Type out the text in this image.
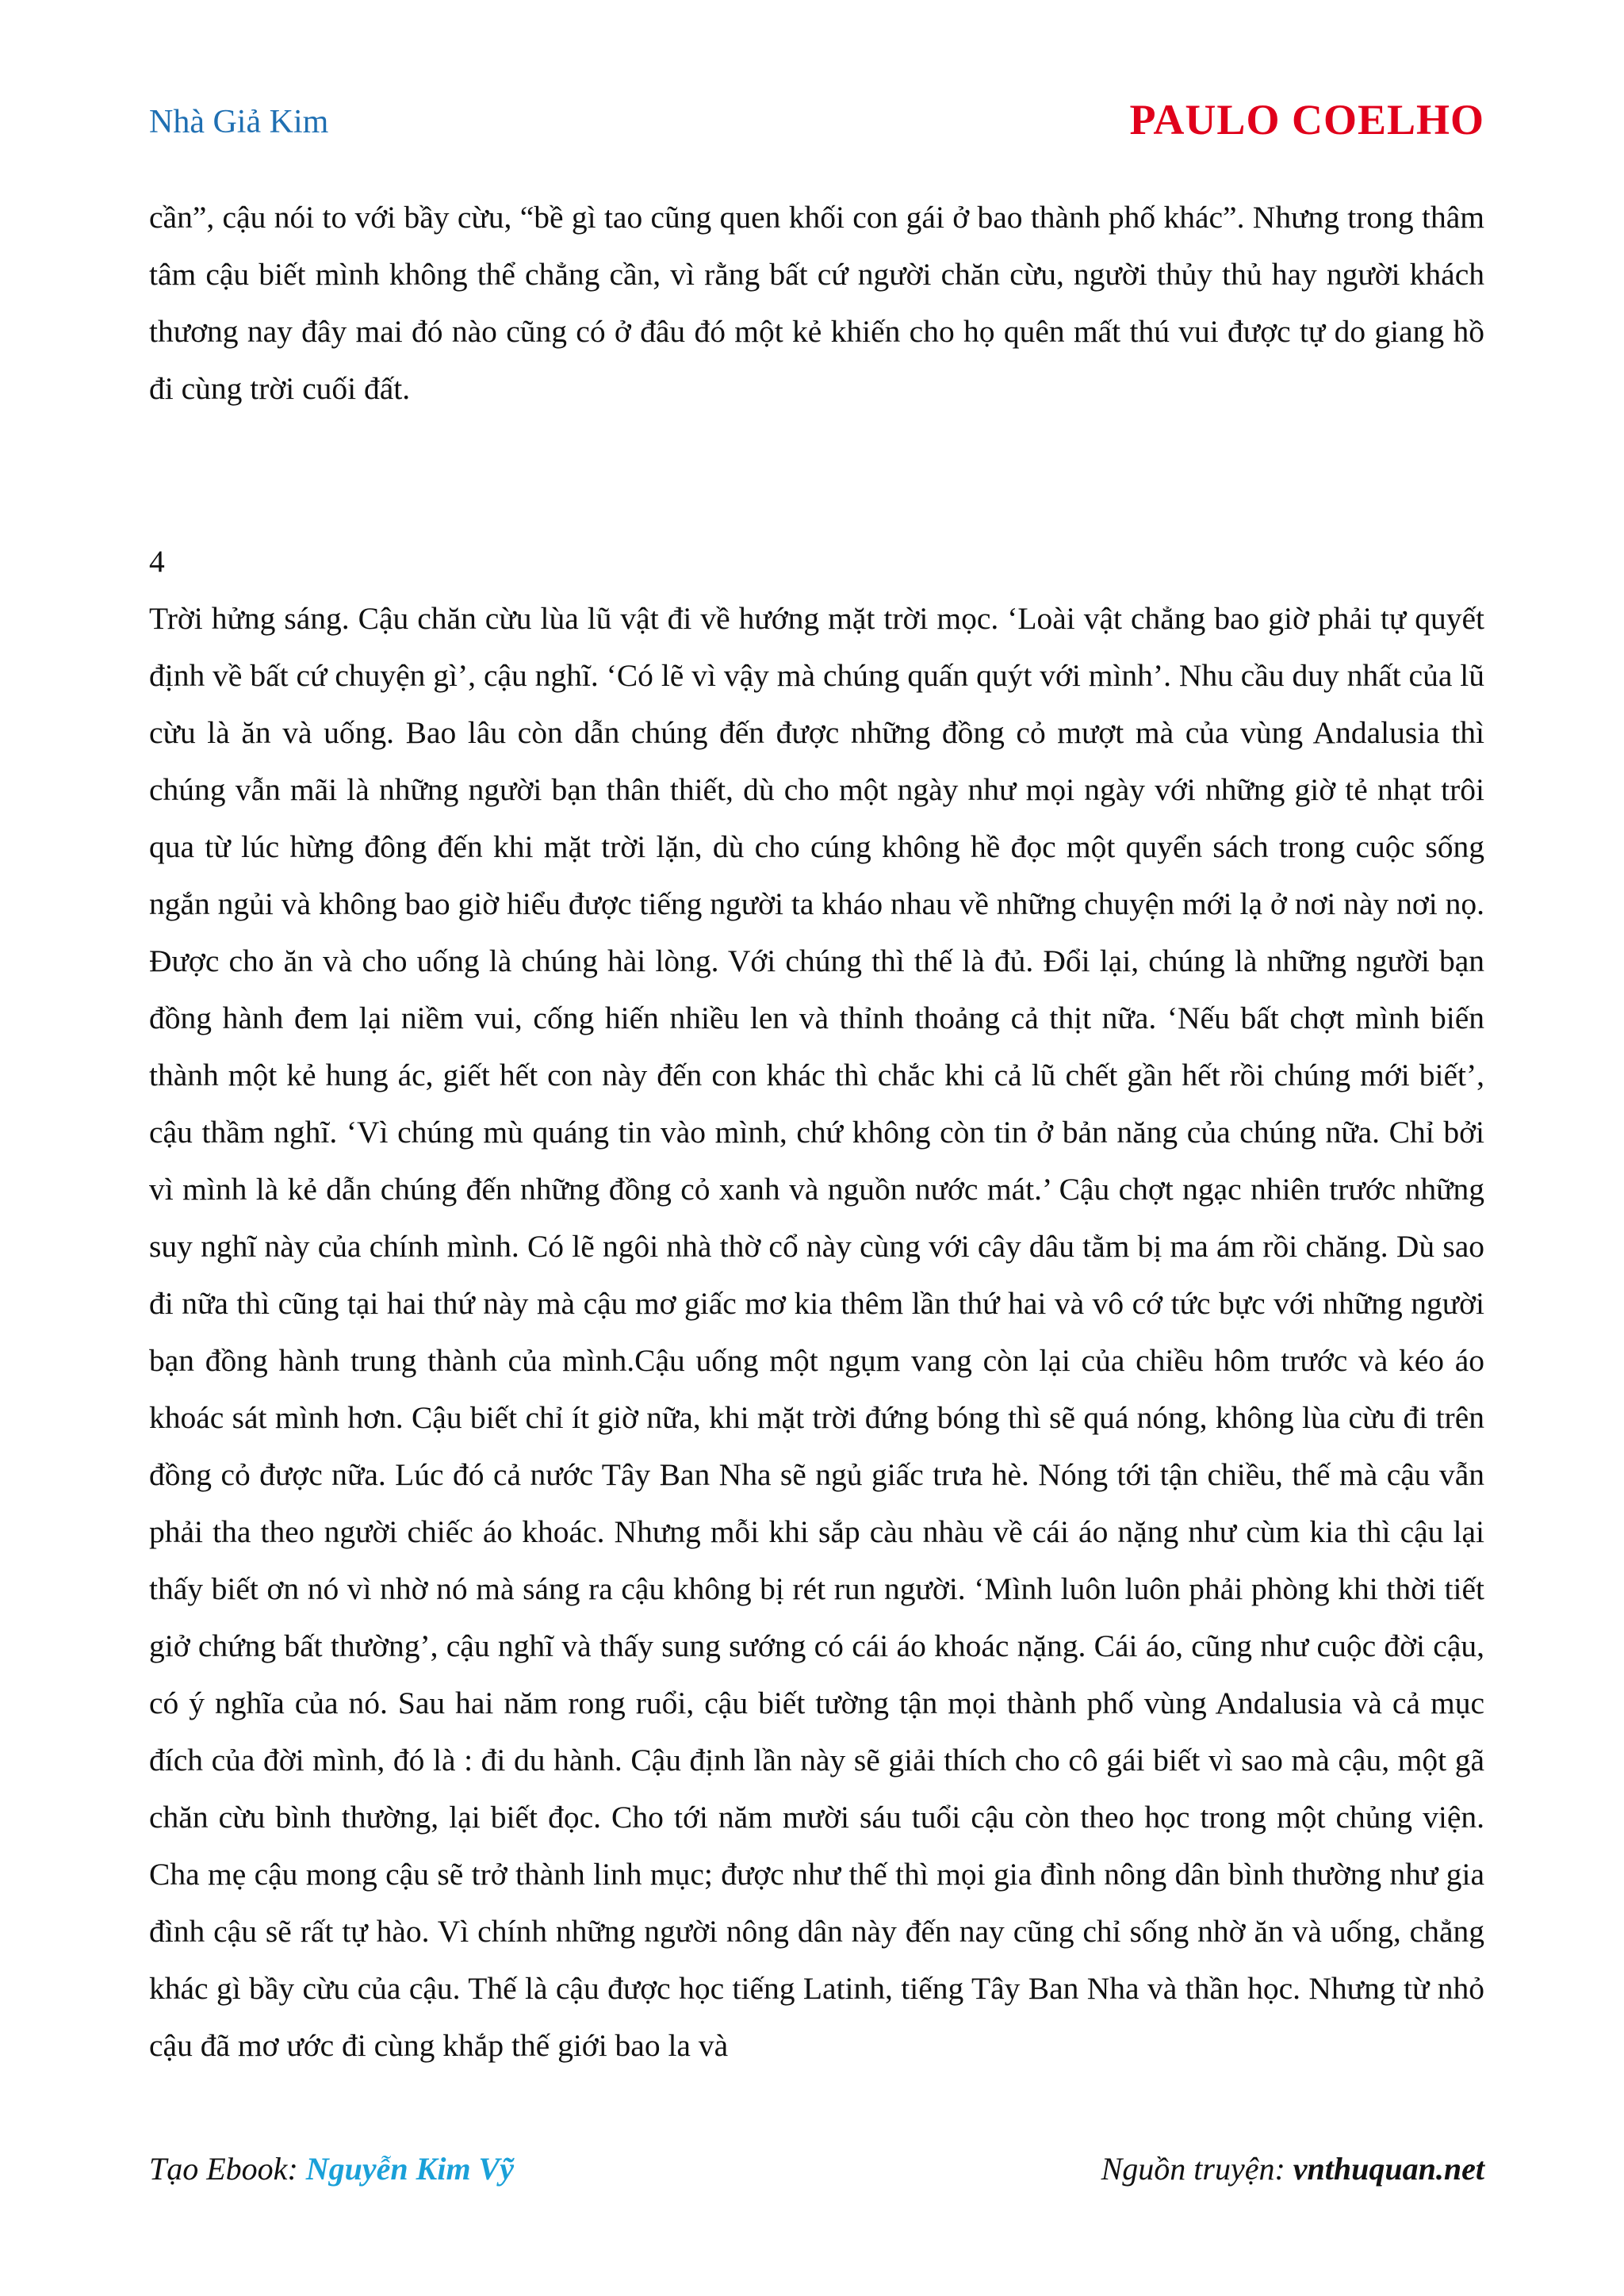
Nhà Giả Kim	PAULO COELHO

cần”, cậu nói to với bầy cừu, “bề gì tao cũng quen khối con gái ở bao thành phố khác”. Nhưng trong thâm tâm cậu biết mình không thể chẳng cần, vì rằng bất cứ người chăn cừu, người thủy thủ hay người khách thương nay đây mai đó nào cũng có ở đâu đó một kẻ khiến cho họ quên mất thú vui được tự do giang hồ đi cùng trời cuối đất.

4

Trời hửng sáng. Cậu chăn cừu lùa lũ vật đi về hướng mặt trời mọc. ‘Loài vật chẳng bao giờ phải tự quyết định về bất cứ chuyện gì’, cậu nghĩ. ‘Có lẽ vì vậy mà chúng quấn quýt với mình’. Nhu cầu duy nhất của lũ cừu là ăn và uống. Bao lâu còn dẫn chúng đến được những đồng cỏ mượt mà của vùng Andalusia thì chúng vẫn mãi là những người bạn thân thiết, dù cho một ngày như mọi ngày với những giờ tẻ nhạt trôi qua từ lúc hừng đông đến khi mặt trời lặn, dù cho cúng không hề đọc một quyển sách trong cuộc sống ngắn ngủi và không bao giờ hiểu được tiếng người ta kháo nhau về những chuyện mới lạ ở nơi này nơi nọ. Được cho ăn và cho uống là chúng hài lòng. Với chúng thì thế là đủ. Đổi lại, chúng là những người bạn đồng hành đem lại niềm vui, cống hiến nhiều len và thỉnh thoảng cả thịt nữa. ‘Nếu bất chợt mình biến thành một kẻ hung ác, giết hết con này đến con khác thì chắc khi cả lũ chết gần hết rồi chúng mới biết’, cậu thầm nghĩ. ‘Vì chúng mù quáng tin vào mình, chứ không còn tin ở bản năng của chúng nữa. Chỉ bởi vì mình là kẻ dẫn chúng đến những đồng cỏ xanh và nguồn nước mát.’ Cậu chợt ngạc nhiên trước những suy nghĩ này của chính mình. Có lẽ ngôi nhà thờ cổ này cùng với cây dâu tằm bị ma ám rồi chăng. Dù sao đi nữa thì cũng tại hai thứ này mà cậu mơ giấc mơ kia thêm lần thứ hai và vô cớ tức bực với những người bạn đồng hành trung thành của mình.Cậu uống một ngụm vang còn lại của chiều hôm trước và kéo áo khoác sát mình hơn. Cậu biết chỉ ít giờ nữa, khi mặt trời đứng bóng thì sẽ quá nóng, không lùa cừu đi trên đồng cỏ được nữa. Lúc đó cả nước Tây Ban Nha sẽ ngủ giấc trưa hè. Nóng tới tận chiều, thế mà cậu vẫn phải tha theo người chiếc áo khoác. Nhưng mỗi khi sắp càu nhàu về cái áo nặng như cùm kia thì cậu lại thấy biết ơn nó vì nhờ nó mà sáng ra cậu không bị rét run người. ‘Mình luôn luôn phải phòng khi thời tiết giở chứng bất thường’, cậu nghĩ và thấy sung sướng có cái áo khoác nặng. Cái áo, cũng như cuộc đời cậu, có ý nghĩa của nó. Sau hai năm rong ruổi, cậu biết tường tận mọi thành phố vùng Andalusia và cả mục đích của đời mình, đó là : đi du hành. Cậu định lần này sẽ giải thích cho cô gái biết vì sao mà cậu, một gã chăn cừu bình thường, lại biết đọc. Cho tới năm mười sáu tuổi cậu còn theo học trong một chủng viện. Cha mẹ cậu mong cậu sẽ trở thành linh mục; được như thế thì mọi gia đình nông dân bình thường như gia đình cậu sẽ rất tự hào. Vì chính những người nông dân này đến nay cũng chỉ sống nhờ ăn và uống, chẳng khác gì bầy cừu của cậu. Thế là cậu được học tiếng Latinh, tiếng Tây Ban Nha và thần học. Nhưng từ nhỏ cậu đã mơ ước đi cùng khắp thế giới bao la và

Tạo Ebook: Nguyễn Kim Vỹ	Nguồn truyện: vnthuquan.net
